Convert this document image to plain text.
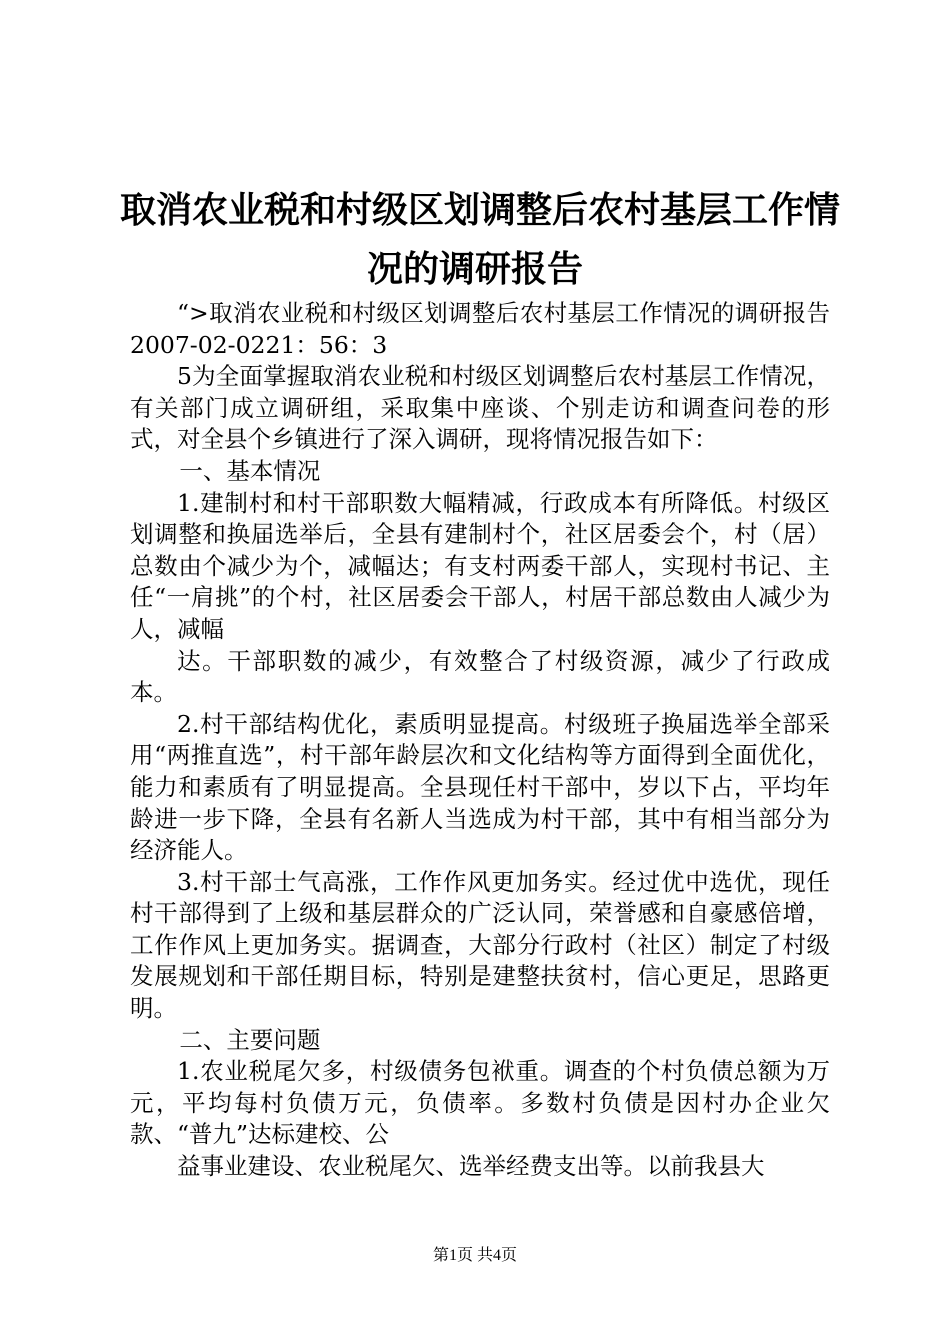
取消农业税和村级区划调整后农村基层工作情
况的调研报告

“>取消农业税和村级区划调整后农村基层工作情况的调研报告2007-02-0221：56：3

5为全面掌握取消农业税和村级区划调整后农村基层工作情况，有关部门成立调研组，采取集中座谈、个别走访和调查问卷的形式，对全县个乡镇进行了深入调研，现将情况报告如下：

一、基本情况

1.建制村和村干部职数大幅精减，行政成本有所降低。村级区划调整和换届选举后，全县有建制村个，社区居委会个，村（居）总数由个减少为个，减幅达；有支村两委干部人，实现村书记、主任“一肩挑”的个村，社区居委会干部人，村居干部总数由人减少为人，减幅

达。干部职数的减少，有效整合了村级资源，减少了行政成本。

2.村干部结构优化，素质明显提高。村级班子换届选举全部采用“两推直选”，村干部年龄层次和文化结构等方面得到全面优化，能力和素质有了明显提高。全县现任村干部中，岁以下占，平均年龄进一步下降，全县有名新人当选成为村干部，其中有相当部分为经济能人。

3.村干部士气高涨，工作作风更加务实。经过优中选优，现任村干部得到了上级和基层群众的广泛认同，荣誉感和自豪感倍增，工作作风上更加务实。据调查，大部分行政村（社区）制定了村级发展规划和干部任期目标，特别是建整扶贫村，信心更足，思路更明。

二、主要问题

1.农业税尾欠多，村级债务包袱重。调查的个村负债总额为万元，平均每村负债万元，负债率。多数村负债是因村办企业欠款、“普九”达标建校、公

益事业建设、农业税尾欠、选举经费支出等。以前我县大

第1页 共4页
